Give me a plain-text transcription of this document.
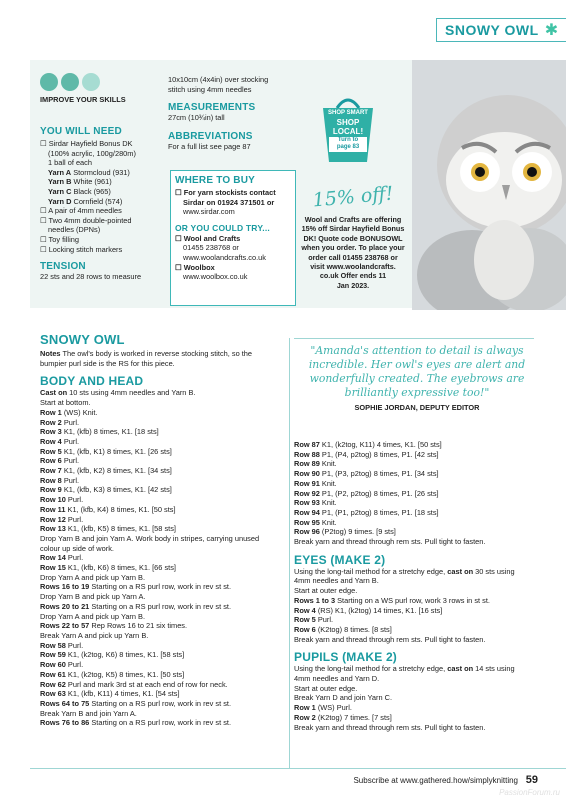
SNOWY OWL ✱
IMPROVE YOUR SKILLS
YOU WILL NEED
☐ Sirdar Hayfield Bonus DK
(100% acrylic, 100g/280m)
1 ball of each
Yarn A Stormcloud (931)
Yarn B White (961)
Yarn C Black (965)
Yarn D Cornfield (574)
☐ A pair of 4mm needles
☐ Two 4mm double-pointed
needles (DPNs)
☐ Toy filling
☐ Locking stitch markers
TENSION
22 sts and 28 rows to measure
10x10cm (4x4in) over stocking
stitch using 4mm needles
MEASUREMENTS
27cm (10¾in) tall
ABBREVIATIONS
For a full list see page 87
SHOP SMART
SHOP
LOCAL!
Turn to
page 83
WHERE TO BUY
☐ For yarn stockists contact
Sirdar on 01924 371501 or
www.sirdar.com
OR YOU COULD TRY...
☐ Wool and Crafts
01455 238768 or
www.woolandcrafts.co.uk
☐ Woolbox
www.woolbox.co.uk
15% off!
Wool and Crafts are offering
15% off Sirdar Hayfield Bonus
DK! Quote code BONUSOWL
when you order. To place your
order call 01455 238768 or
visit www.woolandcrafts.
co.uk Offer ends 11
Jan 2023.
SNOWY OWL
Notes The owl's body is worked in reverse stocking stitch, so the
bumpier purl side is the RS for this piece.
BODY AND HEAD
Cast on 10 sts using 4mm needles and Yarn B.
Start at bottom.
Row 1 (WS) Knit.
Row 2 Purl.
Row 3 K1, (kfb) 8 times, K1. [18 sts]
Row 4 Purl.
Row 5 K1, (kfb, K1) 8 times, K1. [26 sts]
Row 6 Purl.
Row 7 K1, (kfb, K2) 8 times, K1. [34 sts]
Row 8 Purl.
Row 9 K1, (kfb, K3) 8 times, K1. [42 sts]
Row 10 Purl.
Row 11 K1, (kfb, K4) 8 times, K1. [50 sts]
Row 12 Purl.
Row 13 K1, (kfb, K5) 8 times, K1. [58 sts]
Drop Yarn B and join Yarn A. Work body in stripes, carrying unused
colour up side of work.
Row 14 Purl.
Row 15 K1, (kfb, K6) 8 times, K1. [66 sts]
Drop Yarn A and pick up Yarn B.
Rows 16 to 19 Starting on a RS purl row, work in rev st st.
Drop Yarn B and pick up Yarn A.
Rows 20 to 21 Starting on a RS purl row, work in rev st st.
Drop Yarn A and pick up Yarn B.
Rows 22 to 57 Rep Rows 16 to 21 six times.
Break Yarn A and pick up Yarn B.
Row 58 Purl.
Row 59 K1, (k2tog, K6) 8 times, K1. [58 sts]
Row 60 Purl.
Row 61 K1, (k2tog, K5) 8 times, K1. [50 sts]
Row 62 Purl and mark 3rd st at each end of row for neck.
Row 63 K1, (kfb, K11) 4 times, K1. [54 sts]
Rows 64 to 75 Starting on a RS purl row, work in rev st st.
Break Yarn B and join Yarn A.
Rows 76 to 86 Starting on a RS purl row, work in rev st st.
"Amanda's attention to detail is always incredible. Her owl's eyes are alert and wonderfully created. The eyebrows are brilliantly expressive too!"
SOPHIE JORDAN, DEPUTY EDITOR
Row 87 K1, (k2tog, K11) 4 times, K1. [50 sts]
Row 88 P1, (P4, p2tog) 8 times, P1. [42 sts]
Row 89 Knit.
Row 90 P1, (P3, p2tog) 8 times, P1. [34 sts]
Row 91 Knit.
Row 92 P1, (P2, p2tog) 8 times, P1. [26 sts]
Row 93 Knit.
Row 94 P1, (P1, p2tog) 8 times, P1. [18 sts]
Row 95 Knit.
Row 96 (P2tog) 9 times. [9 sts]
Break yarn and thread through rem sts. Pull tight to fasten.
EYES (MAKE 2)
Using the long-tail method for a stretchy edge, cast on 30 sts using
4mm needles and Yarn B.
Start at outer edge.
Rows 1 to 3 Starting on a WS purl row, work 3 rows in st st.
Row 4 (RS) K1, (k2tog) 14 times, K1. [16 sts]
Row 5 Purl.
Row 6 (K2tog) 8 times. [8 sts]
Break yarn and thread through rem sts. Pull tight to fasten.
PUPILS (MAKE 2)
Using the long-tail method for a stretchy edge, cast on 14 sts using
4mm needles and Yarn D.
Start at outer edge.
Break Yarn D and join Yarn C.
Row 1 (WS) Purl.
Row 2 (K2tog) 7 times. [7 sts]
Break yarn and thread through rem sts. Pull tight to fasten.
Subscribe at www.gathered.how/simplyknitting 59
PassionForum.ru
